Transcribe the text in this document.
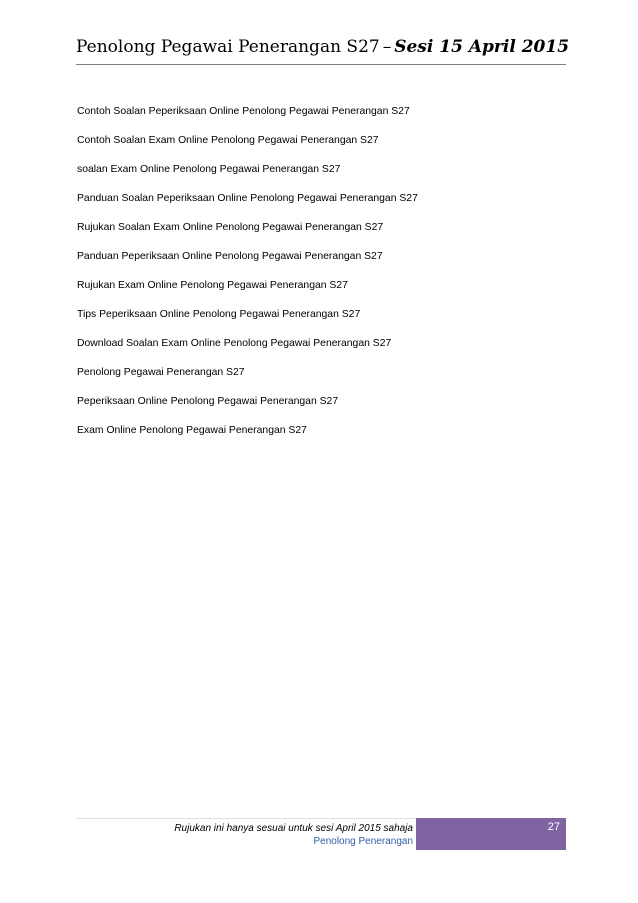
Penolong Pegawai Penerangan S27 – Sesi 15 April 2015
Contoh Soalan Peperiksaan Online Penolong Pegawai Penerangan S27
Contoh Soalan Exam Online Penolong Pegawai Penerangan S27
soalan Exam Online Penolong Pegawai Penerangan S27
Panduan Soalan Peperiksaan Online Penolong Pegawai Penerangan S27
Rujukan Soalan Exam Online Penolong Pegawai Penerangan S27
Panduan Peperiksaan Online Penolong Pegawai Penerangan S27
Rujukan Exam Online Penolong Pegawai Penerangan S27
Tips Peperiksaan Online Penolong Pegawai Penerangan S27
Download Soalan Exam Online Penolong Pegawai Penerangan S27
Penolong Pegawai Penerangan S27
Peperiksaan Online Penolong Pegawai Penerangan S27
Exam Online Penolong Pegawai Penerangan S27
Rujukan ini hanya sesuai untuk sesi April 2015 sahaja
Penolong Penerangan
27
